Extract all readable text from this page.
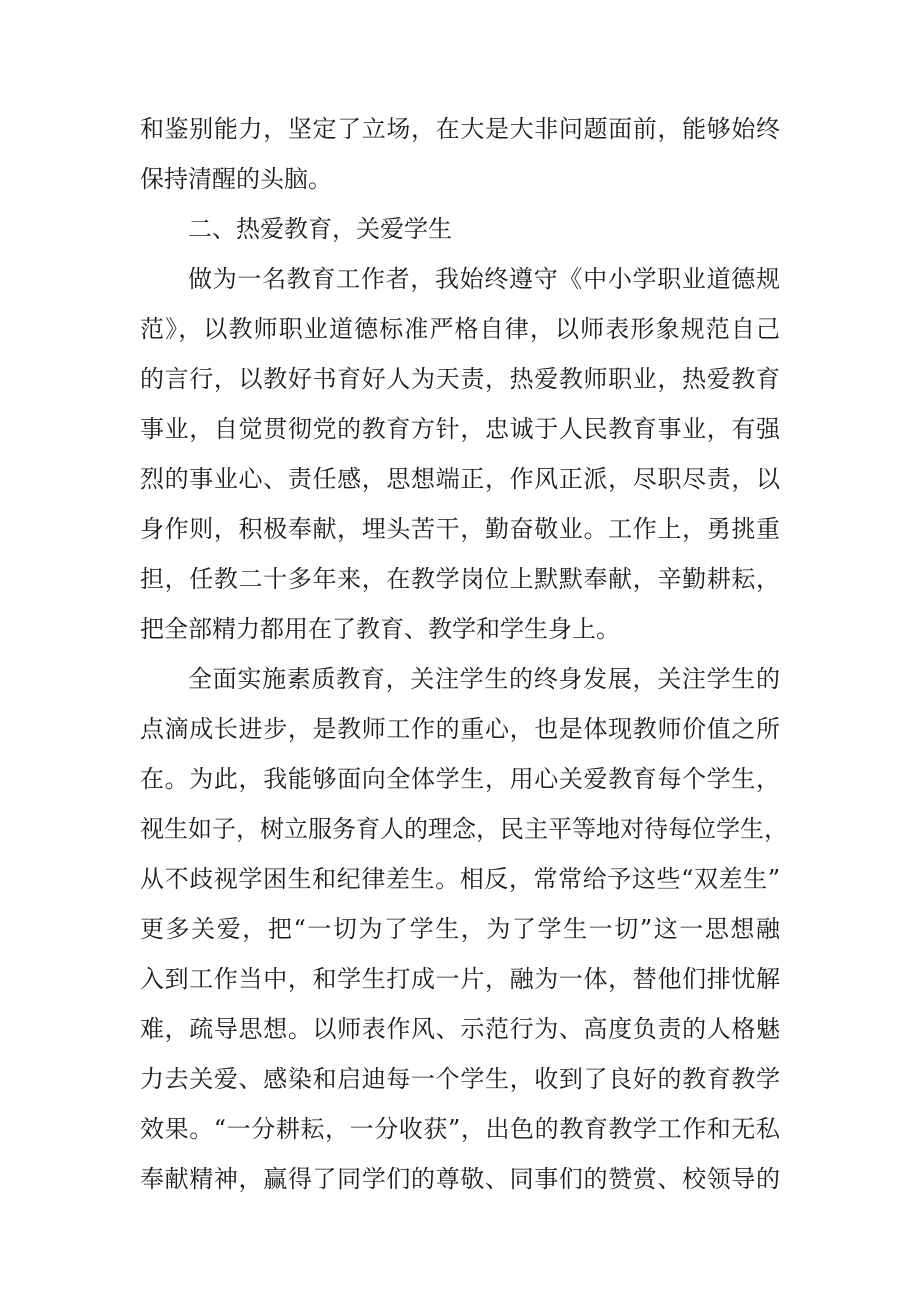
和鉴别能力，坚定了立场，在大是大非问题面前，能够始终
保持清醒的头脑。
二、热爱教育，关爱学生
做为一名教育工作者，我始终遵守《中小学职业道德规
范》，以教师职业道德标准严格自律，以师表形象规范自己
的言行，以教好书育好人为天责，热爱教师职业，热爱教育
事业，自觉贯彻党的教育方针，忠诚于人民教育事业，有强
烈的事业心、责任感，思想端正，作风正派，尽职尽责，以
身作则，积极奉献，埋头苦干，勤奋敬业。工作上，勇挑重
担，任教二十多年来，在教学岗位上默默奉献，辛勤耕耘，
把全部精力都用在了教育、教学和学生身上。
全面实施素质教育，关注学生的终身发展，关注学生的
点滴成长进步，是教师工作的重心，也是体现教师价值之所
在。为此，我能够面向全体学生，用心关爱教育每个学生，
视生如子，树立服务育人的理念，民主平等地对待每位学生，
从不歧视学困生和纪律差生。相反，常常给予这些“双差生”
更多关爱，把“一切为了学生，为了学生一切”这一思想融
入到工作当中，和学生打成一片，融为一体，替他们排忧解
难，疏导思想。以师表作风、示范行为、高度负责的人格魅
力去关爱、感染和启迪每一个学生，收到了良好的教育教学
效果。“一分耕耘，一分收获”，出色的教育教学工作和无私
奉献精神，赢得了同学们的尊敬、同事们的赞赏、校领导的
